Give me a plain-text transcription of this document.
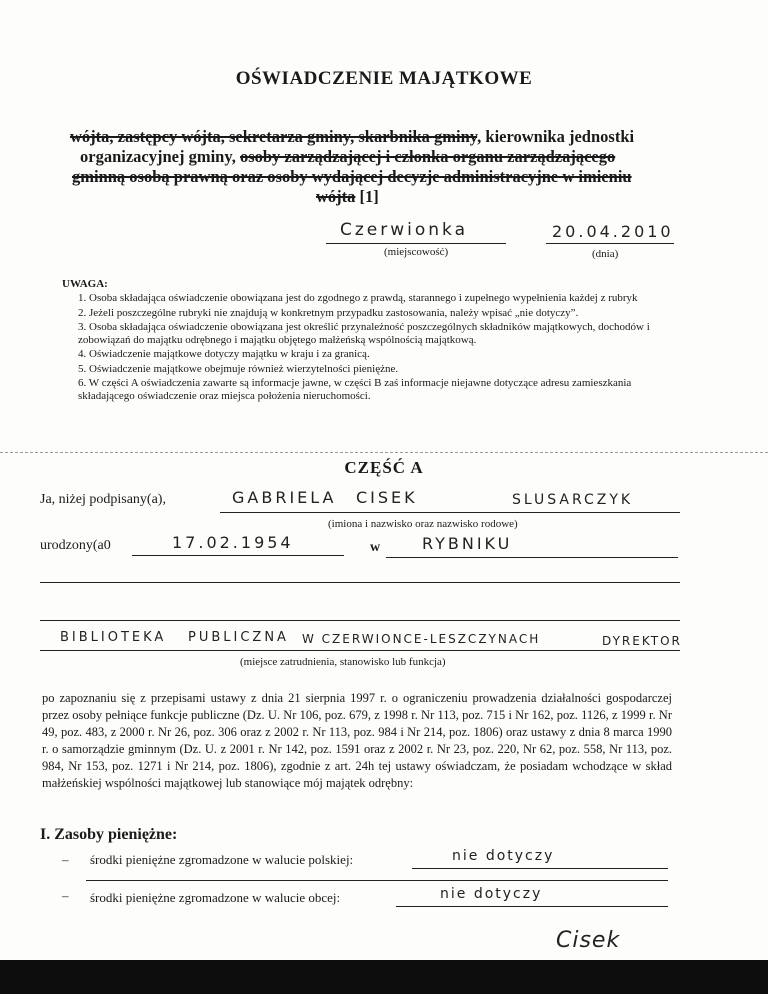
OŚWIADCZENIE MAJĄTKOWE
wójta, zastępcy wójta, sekretarza gminy, skarbnika gminy, kierownika jednostki
organizacyjnej gminy, osoby zarządzającej i członka organu zarządzającego
gminną osobą prawną oraz osoby wydającej decyzje administracyjne w imieniu
wójta [1]
Czerwionka
(miejscowość)
20.04.2010
(dnia)
UWAGA:
1. Osoba składająca oświadczenie obowiązana jest do zgodnego z prawdą, starannego i zupełnego wypełnienia każdej z rubryk
2. Jeżeli poszczególne rubryki nie znajdują w konkretnym przypadku zastosowania, należy wpisać „nie dotyczy”.
3. Osoba składająca oświadczenie obowiązana jest określić przynależność poszczególnych składników majątkowych, dochodów i zobowiązań do majątku odrębnego i majątku objętego małżeńską wspólnością majątkową.
4. Oświadczenie majątkowe dotyczy majątku w kraju i za granicą.
5. Oświadczenie majątkowe obejmuje również wierzytelności pieniężne.
6. W części A oświadczenia zawarte są informacje jawne, w części B zaś informacje niejawne dotyczące adresu zamieszkania składającego oświadczenie oraz miejsca położenia nieruchomości.
CZĘŚĆ A
Ja, niżej podpisany(a),	GABRIELA CISEK	SLUSARCZYK
(imiona i nazwisko oraz nazwisko rodowe)
urodzony(a0	17.02.1954	w	RYBNIKU
BIBLIOTEKA PUBLICZNA W CZERWIONCE-LESZCZYNACH	DYREKTOR
(miejsce zatrudnienia, stanowisko lub funkcja)
po zapoznaniu się z przepisami ustawy z dnia 21 sierpnia 1997 r. o ograniczeniu prowadzenia działalności gospodarczej przez osoby pełniące funkcje publiczne (Dz. U. Nr 106, poz. 679, z 1998 r. Nr 113, poz. 715 i Nr 162, poz. 1126, z 1999 r. Nr 49, poz. 483, z 2000 r. Nr 26, poz. 306 oraz z 2002 r. Nr 113, poz. 984 i Nr 214, poz. 1806) oraz ustawy z dnia 8 marca 1990 r. o samorządzie gminnym (Dz. U. z 2001 r. Nr 142, poz. 1591 oraz z 2002 r. Nr 23, poz. 220, Nr 62, poz. 558, Nr 113, poz. 984, Nr 153, poz. 1271 i Nr 214, poz. 1806), zgodnie z art. 24h tej ustawy oświadczam, że posiadam wchodzące w skład małżeńskiej wspólności majątkowej lub stanowiące mój majątek odrębny:
I. Zasoby pieniężne:
– środki pieniężne zgromadzone w walucie polskiej:	nie dotyczy
– środki pieniężne zgromadzone w walucie obcej:	nie dotyczy
Cisek
